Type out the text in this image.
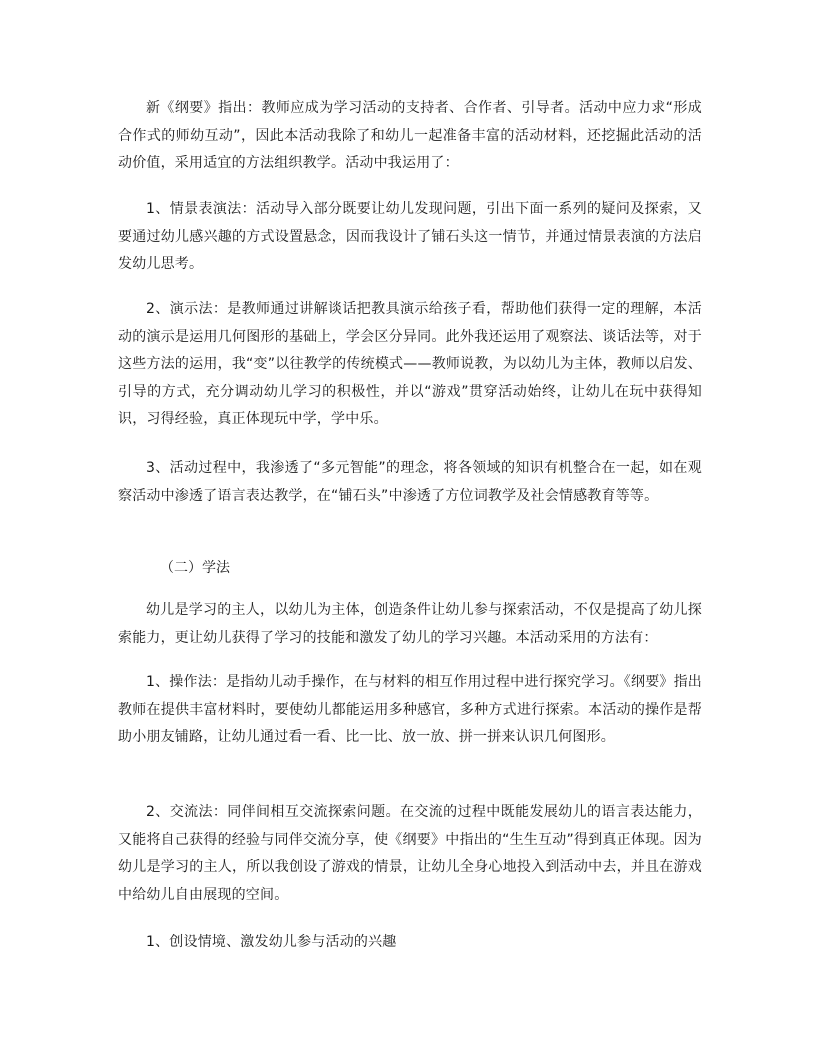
新《纲要》指出：教师应成为学习活动的支持者、合作者、引导者。活动中应力求“形成合作式的师幼互动”，因此本活动我除了和幼儿一起准备丰富的活动材料，还挖掘此活动的活动价值，采用适宜的方法组织教学。活动中我运用了：

1、情景表演法：活动导入部分既要让幼儿发现问题，引出下面一系列的疑问及探索，又要通过幼儿感兴趣的方式设置悬念，因而我设计了铺石头这一情节，并通过情景表演的方法启发幼儿思考。

2、演示法：是教师通过讲解谈话把教具演示给孩子看，帮助他们获得一定的理解，本活动的演示是运用几何图形的基础上，学会区分异同。此外我还运用了观察法、谈话法等，对于这些方法的运用，我“变”以往教学的传统模式——教师说教，为以幼儿为主体，教师以启发、引导的方式，充分调动幼儿学习的积极性，并以“游戏”贯穿活动始终，让幼儿在玩中获得知识，习得经验，真正体现玩中学，学中乐。

3、活动过程中，我渗透了“多元智能”的理念，将各领域的知识有机整合在一起，如在观察活动中渗透了语言表达教学，在“铺石头”中渗透了方位词教学及社会情感教育等等。

（二）学法

幼儿是学习的主人，以幼儿为主体，创造条件让幼儿参与探索活动，不仅是提高了幼儿探索能力，更让幼儿获得了学习的技能和激发了幼儿的学习兴趣。本活动采用的方法有：

1、操作法：是指幼儿动手操作，在与材料的相互作用过程中进行探究学习。《纲要》指出教师在提供丰富材料时，要使幼儿都能运用多种感官，多种方式进行探索。本活动的操作是帮助小朋友铺路，让幼儿通过看一看、比一比、放一放、拼一拼来认识几何图形。

2、交流法：同伴间相互交流探索问题。在交流的过程中既能发展幼儿的语言表达能力，又能将自己获得的经验与同伴交流分享，使《纲要》中指出的“生生互动”得到真正体现。因为幼儿是学习的主人，所以我创设了游戏的情景，让幼儿全身心地投入到活动中去，并且在游戏中给幼儿自由展现的空间。

1、创设情境、激发幼儿参与活动的兴趣
